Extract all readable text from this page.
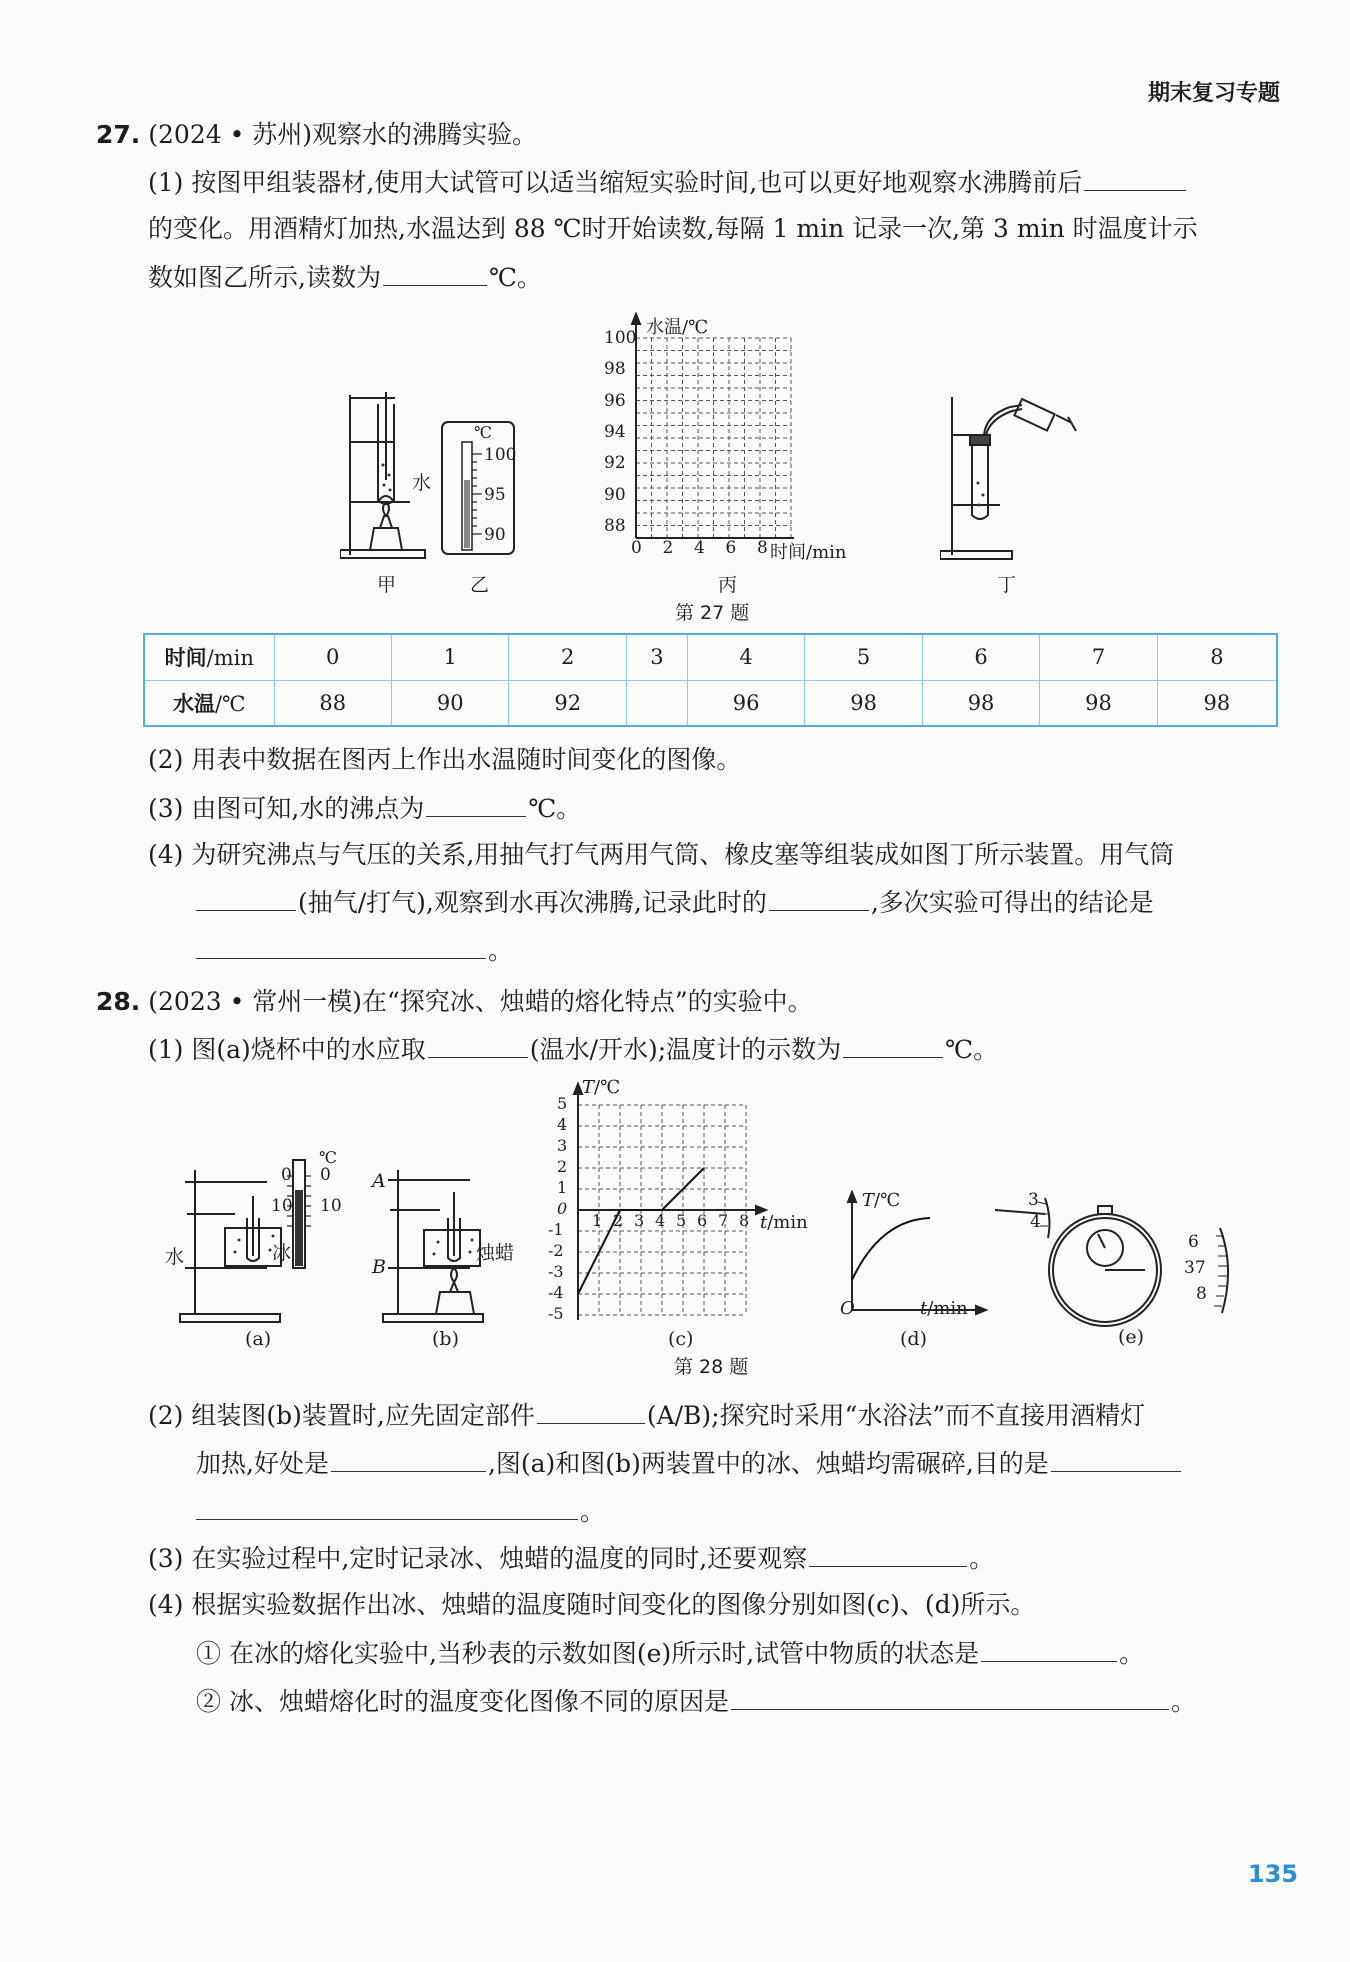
期末复习专题
27. (2024 • 苏州)观察水的沸腾实验。
(1) 按图甲组装器材,使用大试管可以适当缩短实验时间,也可以更好地观察水沸腾前后
的变化。用酒精灯加热,水温达到 88 ℃时开始读数,每隔 1 min 记录一次,第 3 min 时温度计示
数如图乙所示,读数为	℃。
水
甲
℃
100
95
90
乙
水温/℃
时间/min
100
98
96
94
92
90
88
0 2 4 6 8
丙
第 27 题
丁
时间/min	0	1	2	3	4	5	6	7	8
水温/℃	88	90	92		96	98	98	98	98
(2) 用表中数据在图丙上作出水温随时间变化的图像。
(3) 由图可知,水的沸点为	℃。
(4) 为研究沸点与气压的关系,用抽气打气两用气筒、橡皮塞等组装成如图丁所示装置。用气筒
(抽气/打气),观察到水再次沸腾,记录此时的	,多次实验可得出的结论是
。
28. (2023 • 常州一模)在“探究冰、烛蜡的熔化特点”的实验中。
(1) 图(a)烧杯中的水应取	(温水/开水);温度计的示数为	℃。
℃
0 0
10 10
水	冰
(a)
A
B
烛蜡
(b)
T/℃
t/min
5
4
3
2
1
0
-1
-2
-3
-4
-5
1 2 3 4 5 6 7 8
(c)
第 28 题
T/℃
O	t/min
(d)
3
4
6
37
8
(e)
(2) 组装图(b)装置时,应先固定部件	(A/B);探究时采用“水浴法”而不直接用酒精灯
加热,好处是	,图(a)和图(b)两装置中的冰、烛蜡均需碾碎,目的是
。
(3) 在实验过程中,定时记录冰、烛蜡的温度的同时,还要观察	。
(4) 根据实验数据作出冰、烛蜡的温度随时间变化的图像分别如图(c)、(d)所示。
① 在冰的熔化实验中,当秒表的示数如图(e)所示时,试管中物质的状态是	。
② 冰、烛蜡熔化时的温度变化图像不同的原因是	。
135
